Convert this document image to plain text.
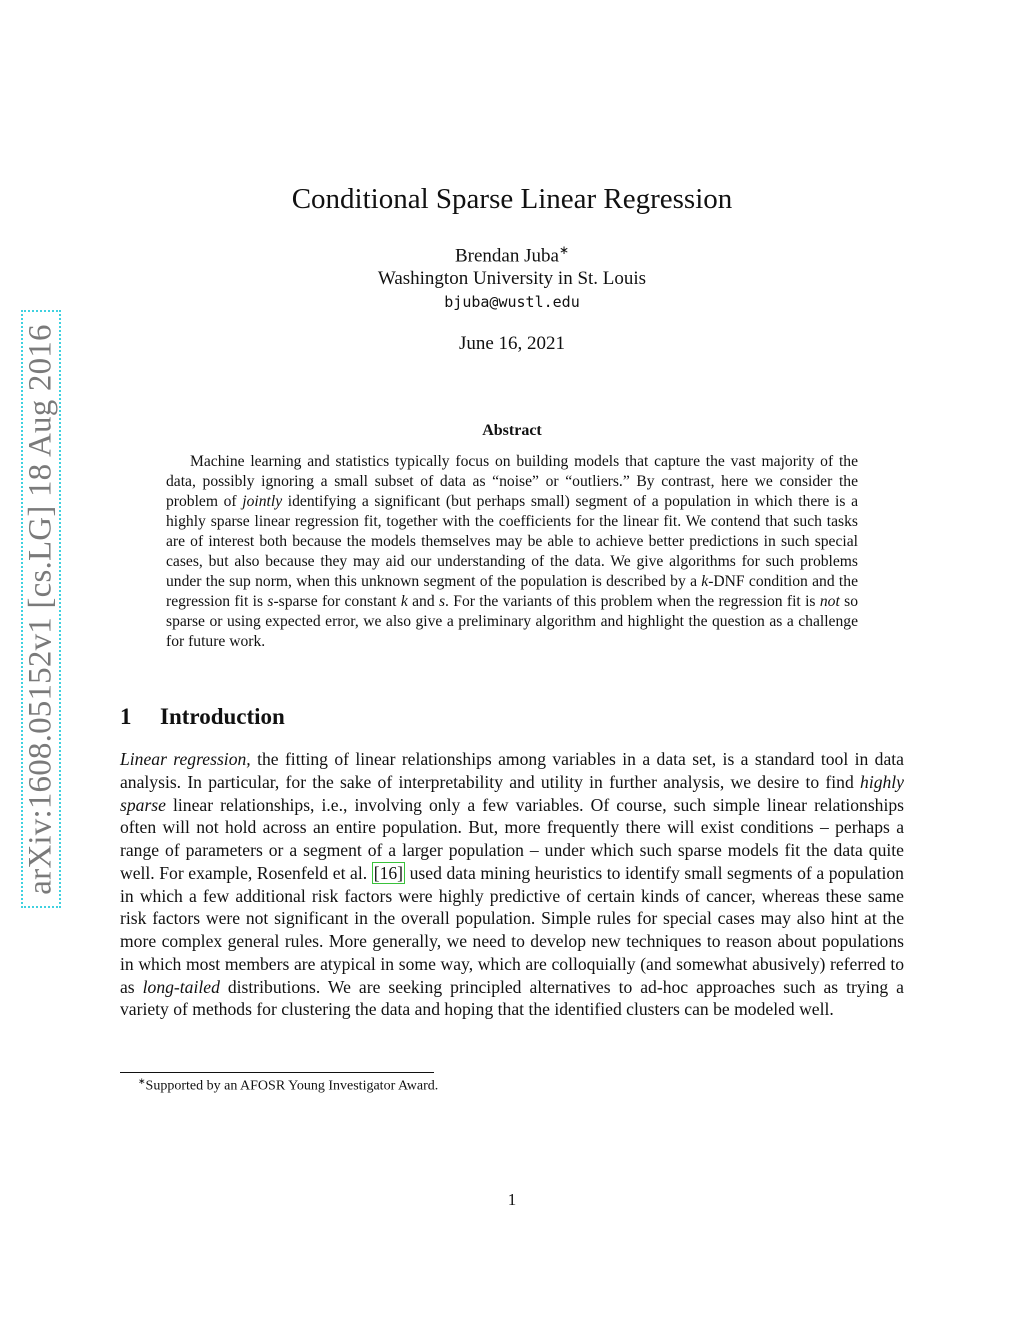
arXiv:1608.05152v1 [cs.LG] 18 Aug 2016
Conditional Sparse Linear Regression
Brendan Juba∗
Washington University in St. Louis
bjuba@wustl.edu
June 16, 2021
Abstract

Machine learning and statistics typically focus on building models that capture the vast majority of the data, possibly ignoring a small subset of data as “noise” or “outliers.” By contrast, here we consider the problem of jointly identifying a significant (but perhaps small) segment of a population in which there is a highly sparse linear regression fit, together with the coefficients for the linear fit. We contend that such tasks are of interest both because the models themselves may be able to achieve better predictions in such special cases, but also because they may aid our understanding of the data. We give algorithms for such problems under the sup norm, when this unknown segment of the population is described by a k-DNF condition and the regression fit is s-sparse for constant k and s. For the variants of this problem when the regression fit is not so sparse or using expected error, we also give a preliminary algorithm and highlight the question as a challenge for future work.

1 Introduction

Linear regression, the fitting of linear relationships among variables in a data set, is a standard tool in data analysis. In particular, for the sake of interpretability and utility in further analysis, we desire to find highly sparse linear relationships, i.e., involving only a few variables. Of course, such simple linear relationships often will not hold across an entire population. But, more frequently there will exist conditions – perhaps a range of parameters or a segment of a larger population – under which such sparse models fit the data quite well. For example, Rosenfeld et al. [16] used data mining heuristics to identify small segments of a population in which a few additional risk factors were highly predictive of certain kinds of cancer, whereas these same risk factors were not significant in the overall population. Simple rules for special cases may also hint at the more complex general rules. More generally, we need to develop new techniques to reason about populations in which most members are atypical in some way, which are colloquially (and somewhat abusively) referred to as long-tailed distributions. We are seeking principled alternatives to ad-hoc approaches such as trying a variety of methods for clustering the data and hoping that the identified clusters can be modeled well.

∗Supported by an AFOSR Young Investigator Award.
1
